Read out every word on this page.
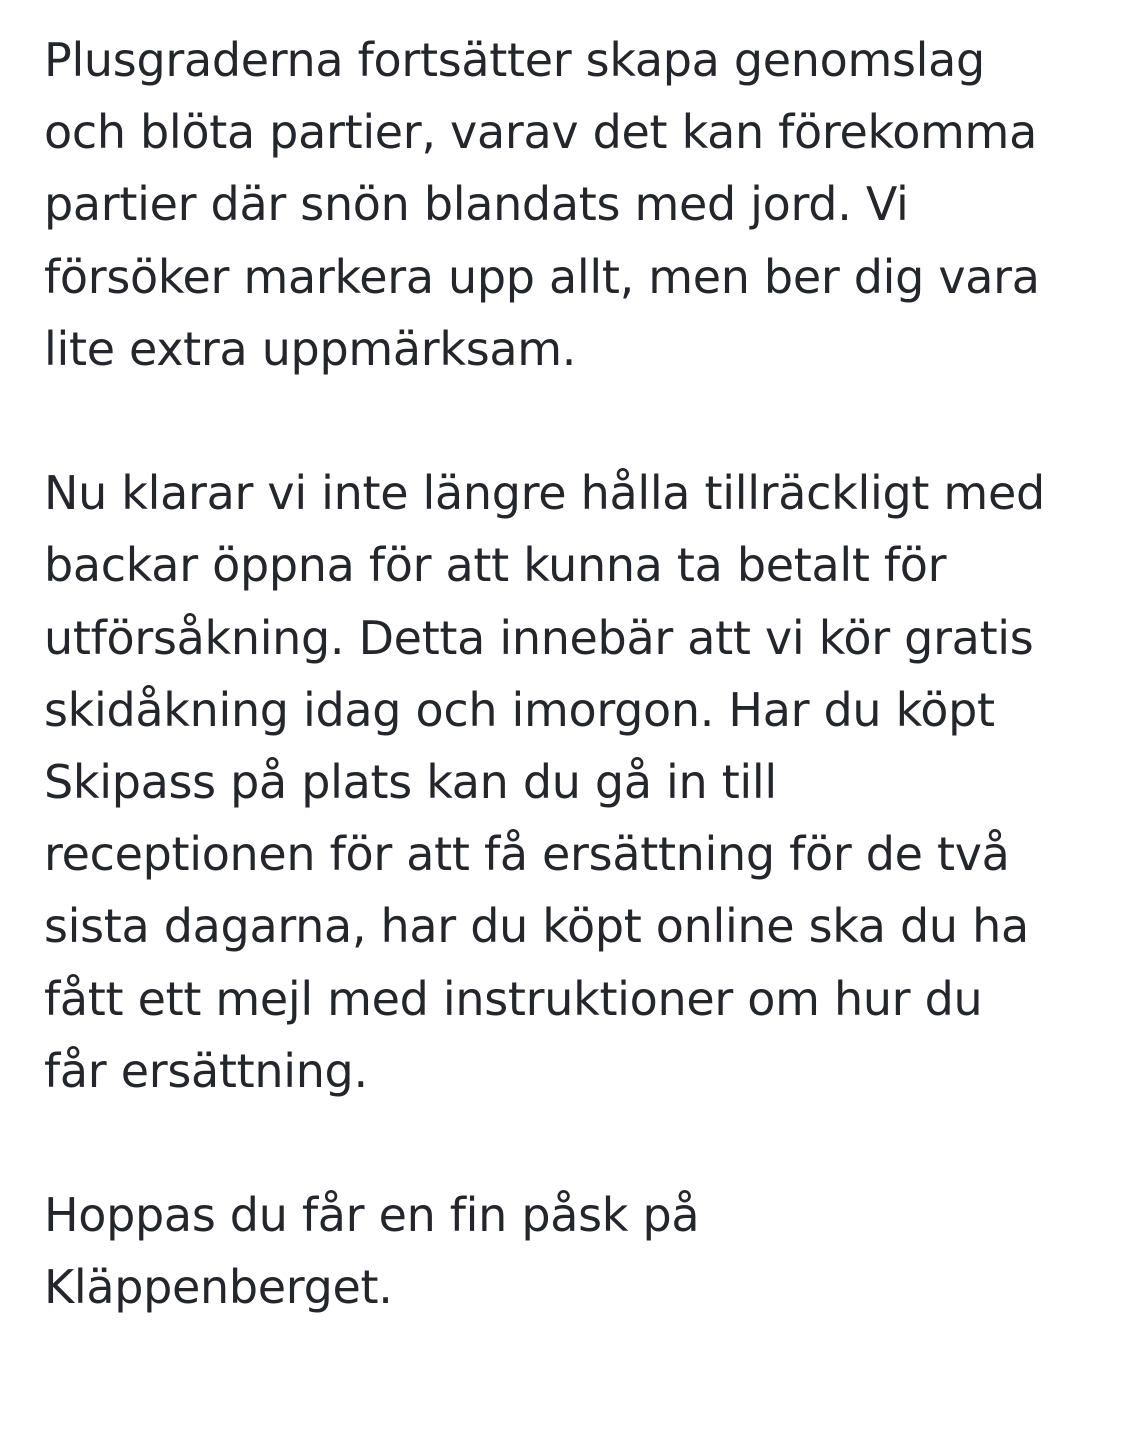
Plusgraderna fortsätter skapa genomslag
och blöta partier, varav det kan förekomma
partier där snön blandats med jord. Vi
försöker markera upp allt, men ber dig vara
lite extra uppmärksam.

Nu klarar vi inte längre hålla tillräckligt med
backar öppna för att kunna ta betalt för
utförsåkning. Detta innebär att vi kör gratis
skidåkning idag och imorgon. Har du köpt
Skipass på plats kan du gå in till
receptionen för att få ersättning för de två
sista dagarna, har du köpt online ska du ha
fått ett mejl med instruktioner om hur du
får ersättning.

Hoppas du får en fin påsk på
Kläppenberget.
